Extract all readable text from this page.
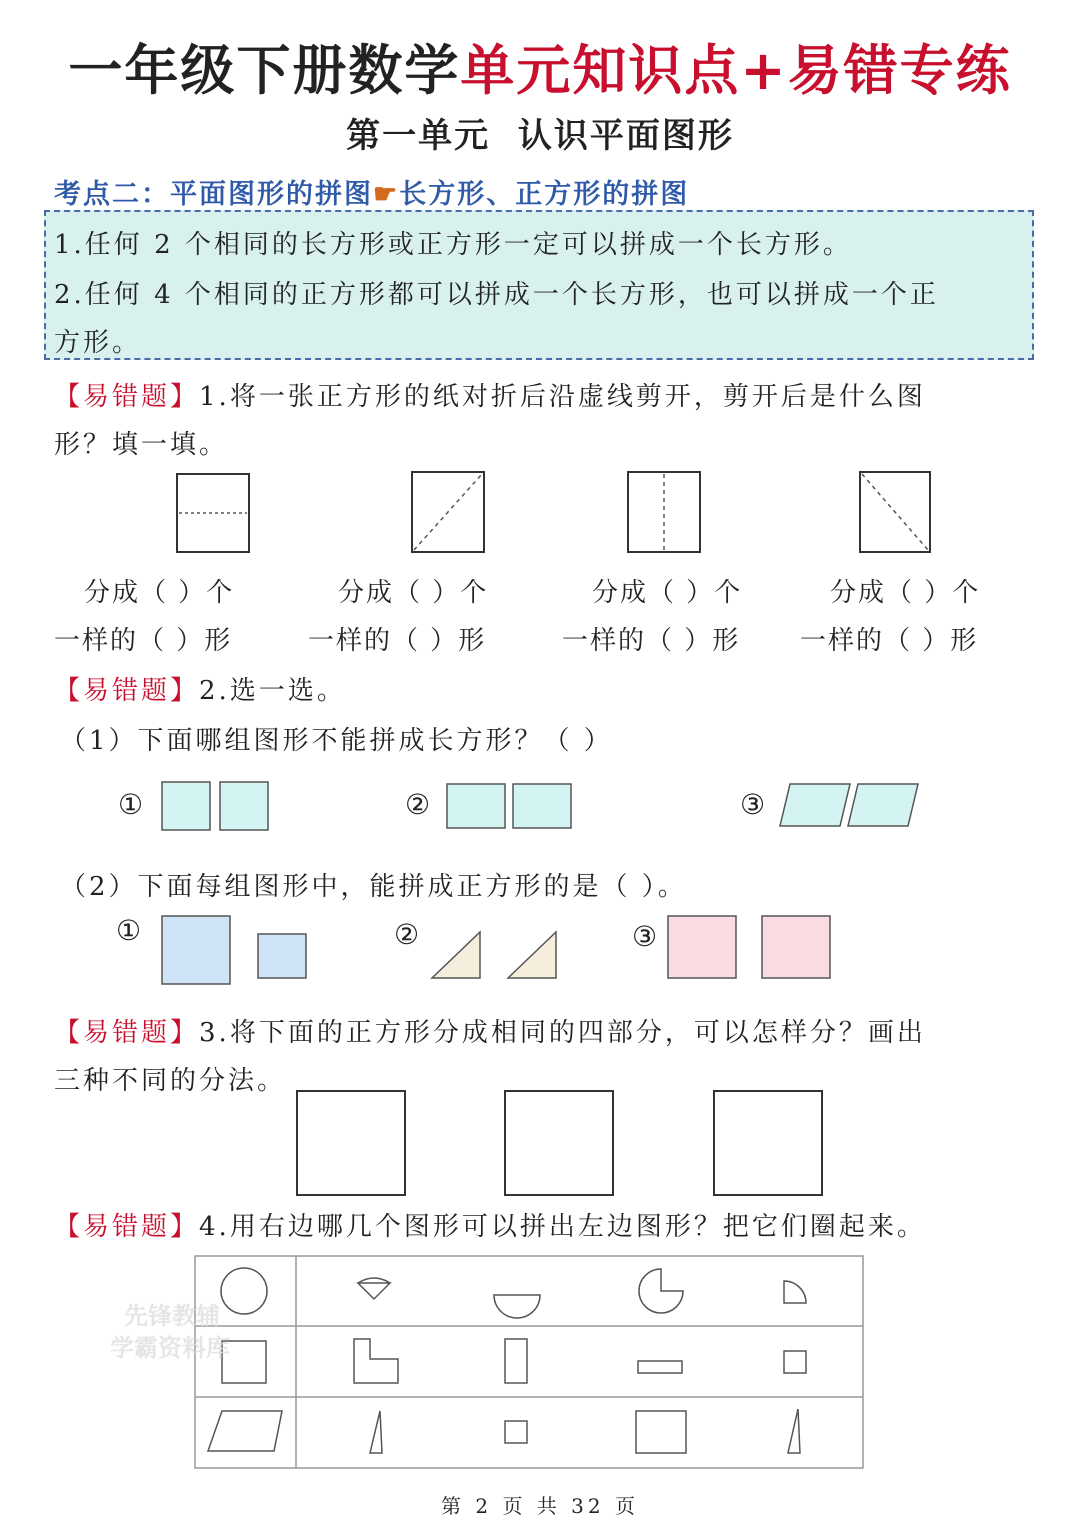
一年级下册数学单元知识点+易错专练
第一单元  认识平面图形
考点二：平面图形的拼图☛长方形、正方形的拼图
1.任何 2 个相同的长方形或正方形一定可以拼成一个长方形。
2.任何 4 个相同的正方形都可以拼成一个长方形，也可以拼成一个正
方形。
【易错题】1.将一张正方形的纸对折后沿虚线剪开，剪开后是什么图
形？填一填。
分成（ ）个	分成（ ）个	分成（ ）个	分成（ ）个
一样的（ ）形	一样的（ ）形	一样的（ ）形 一样的（ ）形
【易错题】2.选一选。
（1）下面哪组图形不能拼成长方形？（ ）
①	②	③
（2）下面每组图形中，能拼成正方形的是（ ）。
①	②	③
【易错题】3.将下面的正方形分成相同的四部分，可以怎样分？画出
三种不同的分法。
【易错题】4.用右边哪几个图形可以拼出左边图形？把它们圈起来。
先锋教辅
学霸资料库
第 2 页 共 32 页
